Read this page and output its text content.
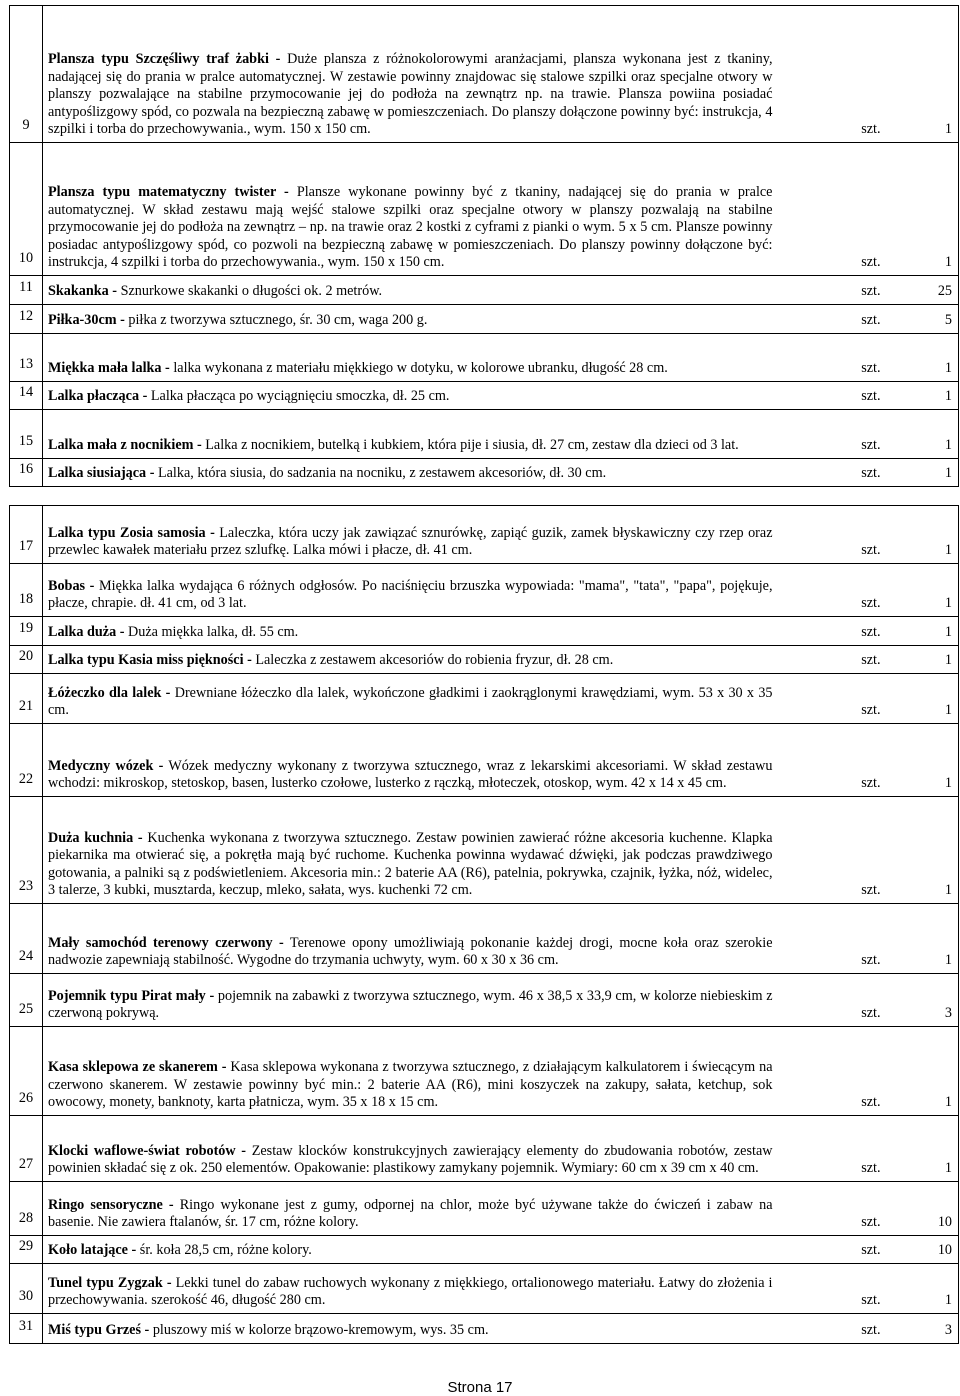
9	Plansza typu Szczęśliwy traf żabki - Duże plansza z różnokolorowymi aranżacjami, plansza wykonana jest z tkaniny, nadającej się do prania w pralce automatycznej. W zestawie powinny znajdowac się stalowe szpilki oraz specjalne otwory w planszy pozwalające na stabilne przymocowanie jej do podłoża na zewnątrz np. na trawie. Plansza powiina posiadać antypoślizgowy spód, co pozwala na bezpieczną zabawę w pomieszczeniach. Do planszy dołączone powinny być: instrukcja, 4 szpilki i torba do przechowywania., wym. 150 x 150 cm.	szt.	1
10	Plansza typu matematyczny twister - Plansze wykonane powinny być z tkaniny, nadającej się do prania w pralce automatycznej. W skład zestawu mają wejść stalowe szpilki oraz specjalne otwory w planszy pozwalają na stabilne przymocowanie jej do podłoża na zewnątrz – np. na trawie oraz 2 kostki z cyframi z pianki o wym. 5 x 5 cm. Plansze powinny posiadac antypoślizgowy spód, co pozwoli na bezpieczną zabawę w pomieszczeniach. Do planszy powinny dołączone być: instrukcja, 4 szpilki i torba do przechowywania., wym. 150 x 150 cm.	szt.	1
11	Skakanka - Sznurkowe skakanki o długości ok. 2 metrów.	szt.	25
12	Piłka-30cm - piłka z tworzywa sztucznego, śr. 30 cm, waga 200 g.	szt.	5
13	Miękka mała lalka - lalka wykonana z materiału miękkiego w dotyku, w kolorowe ubranku, długość 28 cm.	szt.	1
14	Lalka płacząca - Lalka płacząca po wyciągnięciu smoczka, dł. 25 cm.	szt.	1
15	Lalka mała z nocnikiem - Lalka z nocnikiem, butelką i kubkiem, która pije i siusia, dł. 27 cm, zestaw dla dzieci od 3 lat.	szt.	1
16	Lalka siusiająca - Lalka, która siusia, do sadzania na nocniku, z zestawem akcesoriów, dł. 30 cm.	szt.	1
17	Lalka typu Zosia samosia - Laleczka, która uczy jak zawiązać sznurówkę, zapiąć guzik, zamek błyskawiczny czy rzep oraz przewlec kawałek materiału przez szlufkę. Lalka mówi i płacze, dł. 41 cm.	szt.	1
18	Bobas - Miękka lalka wydająca 6 różnych odgłosów. Po naciśnięciu brzuszka wypowiada: "mama", "tata", "papa", pojękuje, płacze, chrapie. dł. 41 cm, od 3 lat.	szt.	1
19	Lalka duża - Duża miękka lalka, dł. 55 cm.	szt.	1
20	Lalka typu Kasia miss piękności - Laleczka z zestawem akcesoriów do robienia fryzur, dł. 28 cm.	szt.	1
21	Łóżeczko dla lalek - Drewniane łóżeczko dla lalek, wykończone gładkimi i zaokrąglonymi krawędziami, wym. 53 x 30 x 35 cm.	szt.	1
22	Medyczny wózek - Wózek medyczny wykonany z tworzywa sztucznego, wraz z lekarskimi akcesoriami. W skład zestawu wchodzi: mikroskop, stetoskop, basen, lusterko czołowe, lusterko z rączką, młoteczek, otoskop, wym. 42 x 14 x 45 cm.	szt.	1
23	Duża kuchnia - Kuchenka wykonana z tworzywa sztucznego. Zestaw powinien zawierać różne akcesoria kuchenne. Klapka piekarnika ma otwierać się, a pokrętła mają być ruchome. Kuchenka powinna wydawać dźwięki, jak podczas prawdziwego gotowania, a palniki są z podświetleniem. Akcesoria min.: 2 baterie AA (R6), patelnia, pokrywka, czajnik, łyżka, nóż, widelec, 3 talerze, 3 kubki, musztarda, keczup, mleko, sałata, wys. kuchenki 72 cm.	szt.	1
24	Mały samochód terenowy czerwony - Terenowe opony umożliwiają pokonanie każdej drogi, mocne koła oraz szerokie nadwozie zapewniają stabilność. Wygodne do trzymania uchwyty, wym. 60 x 30 x 36 cm.	szt.	1
25	Pojemnik typu Pirat mały - pojemnik na zabawki z tworzywa sztucznego, wym. 46 x 38,5 x 33,9 cm, w kolorze niebieskim z czerwoną pokrywą.	szt.	3
26	Kasa sklepowa ze skanerem - Kasa sklepowa wykonana z tworzywa sztucznego, z działającym kalkulatorem i świecącym na czerwono skanerem. W zestawie powinny być min.: 2 baterie AA (R6), mini koszyczek na zakupy, sałata, ketchup, sok owocowy, monety, banknoty, karta płatnicza, wym. 35 x 18 x 15 cm.	szt.	1
27	Klocki waflowe-świat robotów - Zestaw klocków konstrukcyjnych zawierający elementy do zbudowania robotów, zestaw powinien składać się z ok. 250 elementów. Opakowanie: plastikowy zamykany pojemnik. Wymiary: 60 cm x 39 cm x 40 cm.	szt.	1
28	Ringo sensoryczne - Ringo wykonane jest z gumy, odpornej na chlor, może być używane także do ćwiczeń i zabaw na basenie. Nie zawiera ftalanów, śr. 17 cm, różne kolory.	szt.	10
29	Koło latające - śr. koła 28,5 cm, różne kolory.	szt.	10
30	Tunel typu Zygzak - Lekki tunel do zabaw ruchowych wykonany z miękkiego, ortalionowego materiału. Łatwy do złożenia i przechowywania. szerokość 46, długość 280 cm.	szt.	1
31	Miś typu Grześ - pluszowy miś w kolorze brązowo-kremowym, wys. 35 cm.	szt.	3
Strona 17
